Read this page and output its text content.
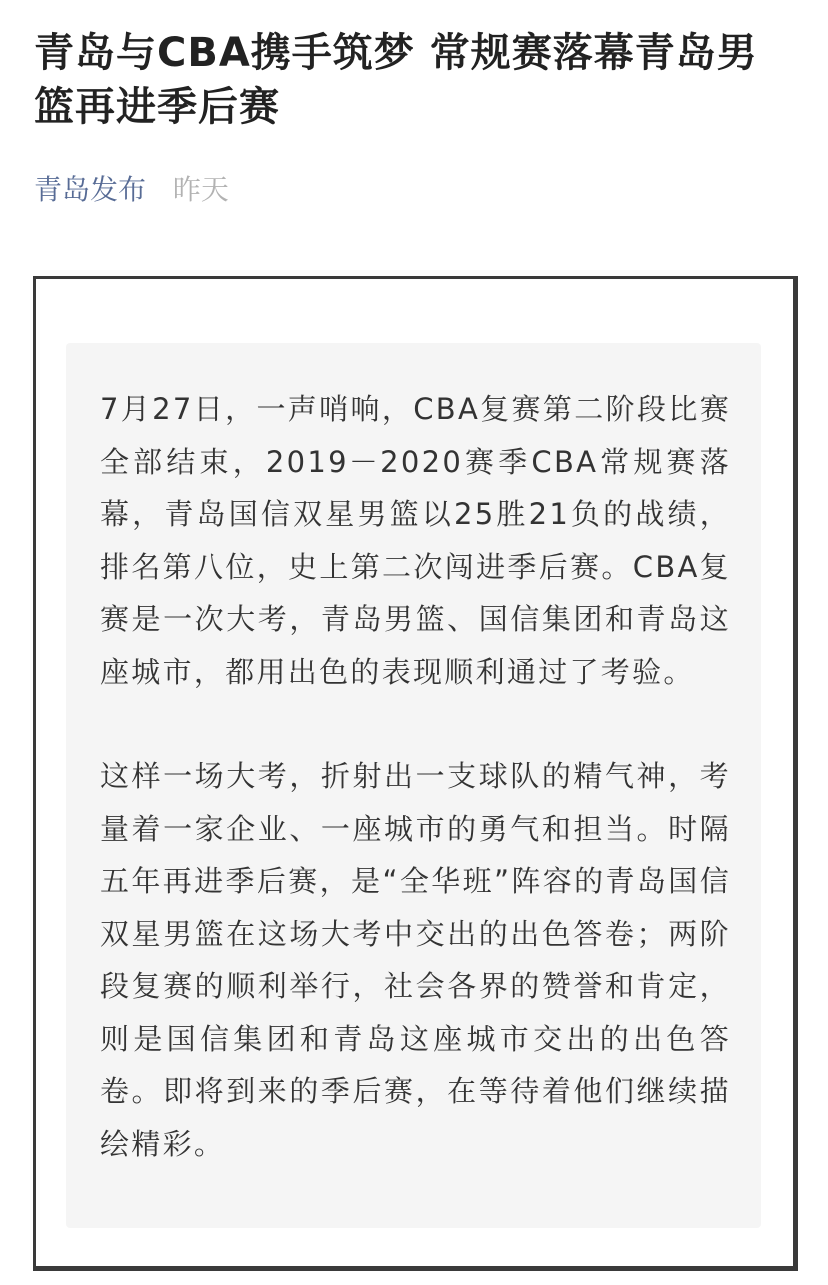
青岛与CBA携手筑梦 常规赛落幕青岛男篮再进季后赛
青岛发布 昨天

7月27日，一声哨响，CBA复赛第二阶段比赛全部结束，2019－2020赛季CBA常规赛落幕，青岛国信双星男篮以25胜21负的战绩，排名第八位，史上第二次闯进季后赛。CBA复赛是一次大考，青岛男篮、国信集团和青岛这座城市，都用出色的表现顺利通过了考验。

这样一场大考，折射出一支球队的精气神，考量着一家企业、一座城市的勇气和担当。时隔五年再进季后赛，是“全华班”阵容的青岛国信双星男篮在这场大考中交出的出色答卷；两阶段复赛的顺利举行，社会各界的赞誉和肯定，则是国信集团和青岛这座城市交出的出色答卷。即将到来的季后赛，在等待着他们继续描绘精彩。
